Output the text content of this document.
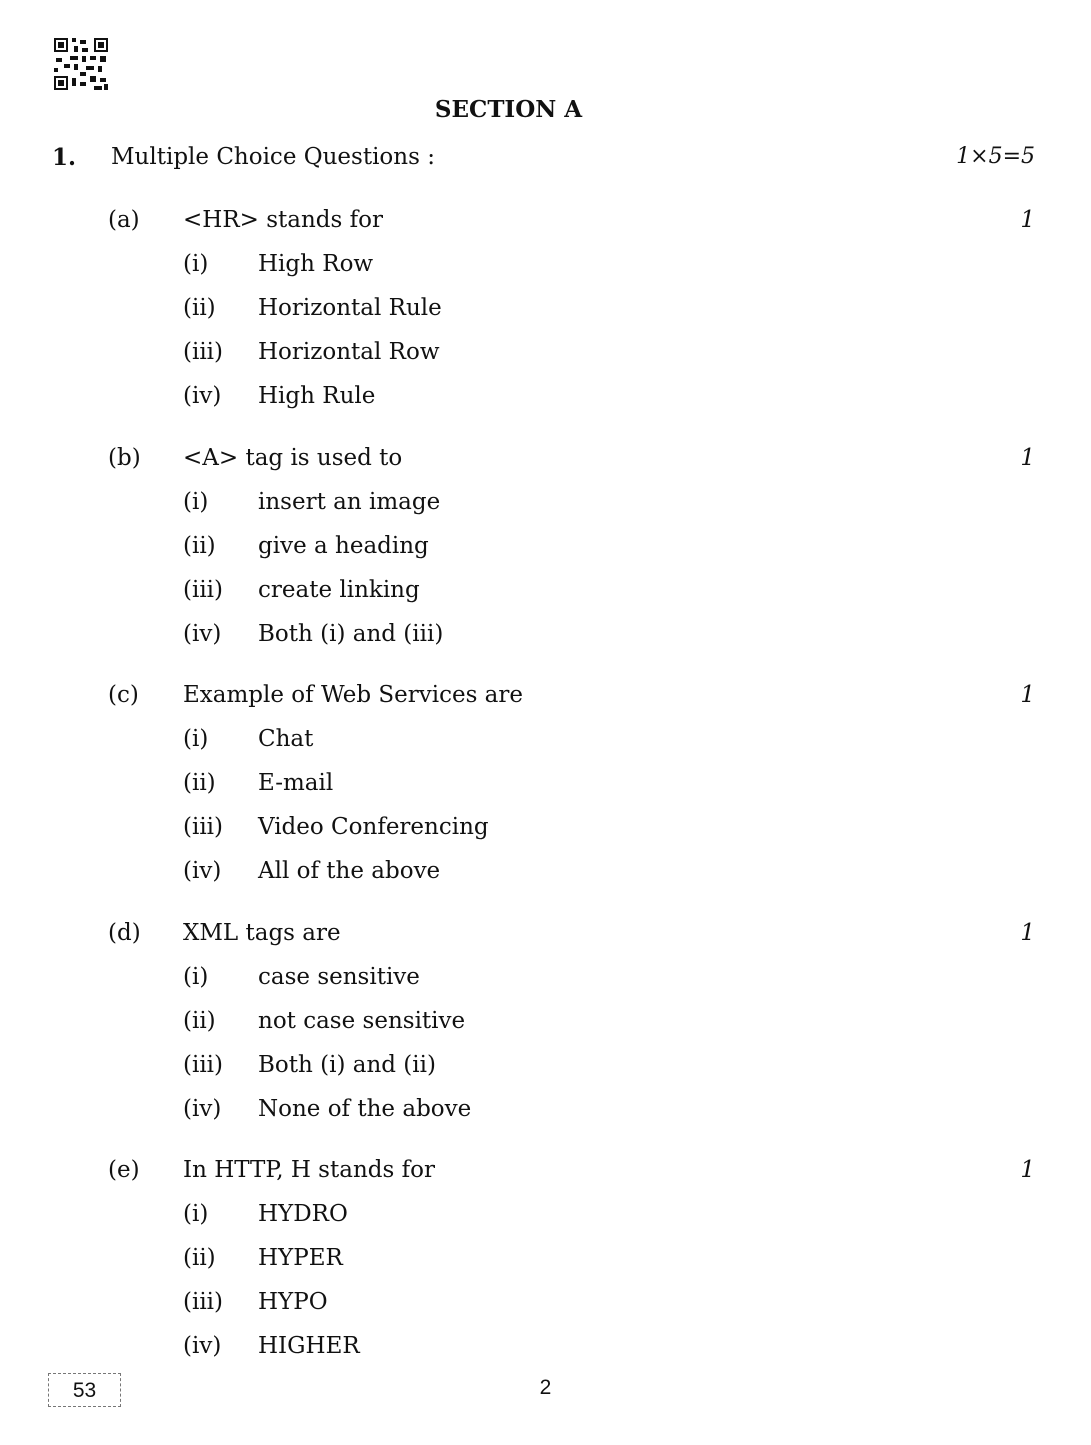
SECTION A
1. Multiple Choice Questions :	1×5=5
(a) <HR> stands for	1
(i) High Row
(ii) Horizontal Rule
(iii) Horizontal Row
(iv) High Rule
(b) <A> tag is used to	1
(i) insert an image
(ii) give a heading
(iii) create linking
(iv) Both (i) and (iii)
(c) Example of Web Services are	1
(i) Chat
(ii) E-mail
(iii) Video Conferencing
(iv) All of the above
(d) XML tags are	1
(i) case sensitive
(ii) not case sensitive
(iii) Both (i) and (ii)
(iv) None of the above
(e) In HTTP, H stands for	1
(i) HYDRO
(ii) HYPER
(iii) HYPO
(iv) HIGHER
53	2
